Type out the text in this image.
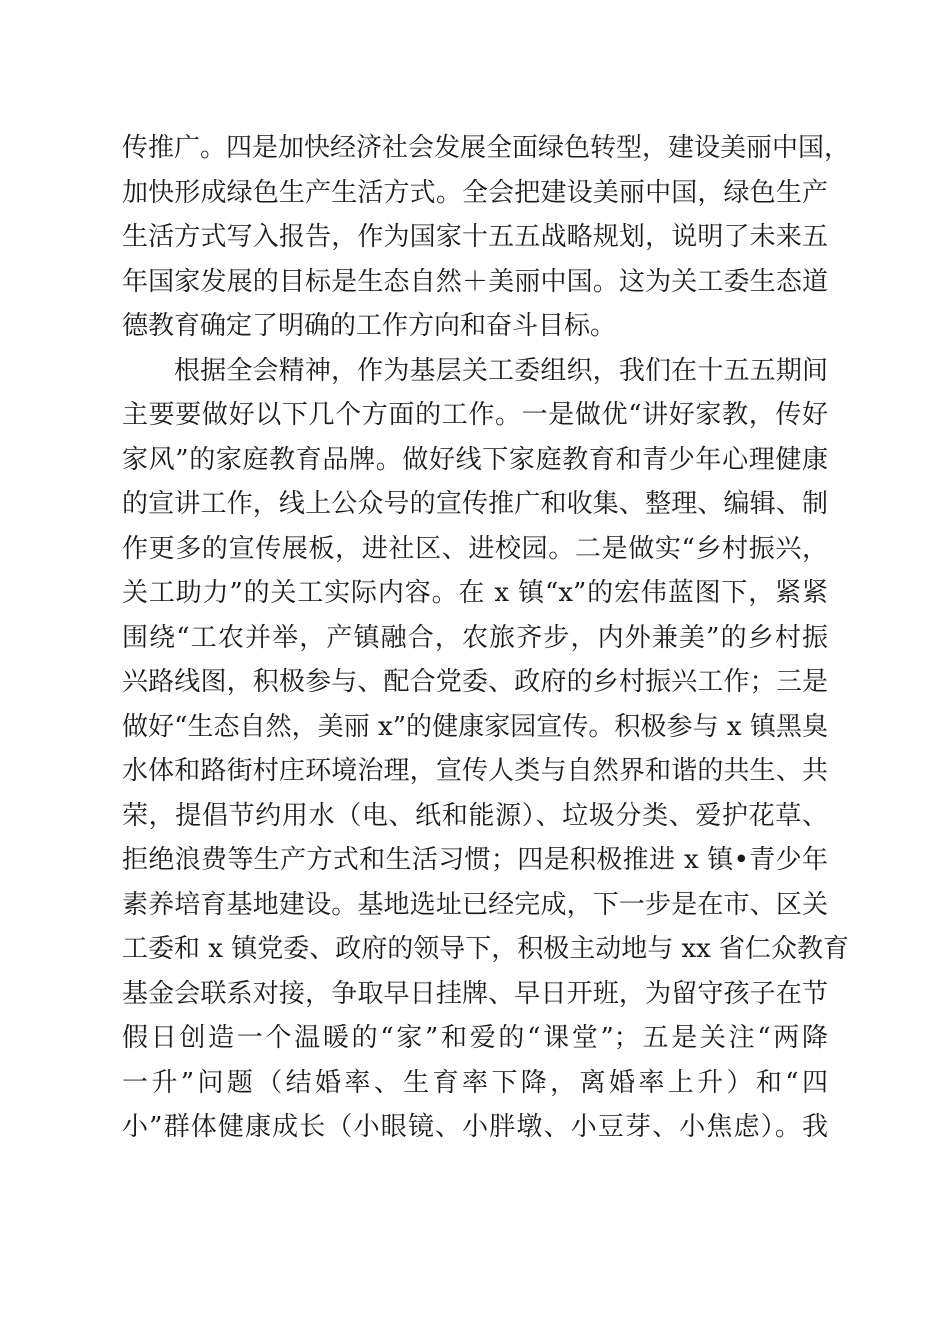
传推广。四是加快经济社会发展全面绿色转型，建设美丽中国，
加快形成绿色生产生活方式。全会把建设美丽中国，绿色生产
生活方式写入报告，作为国家十五五战略规划，说明了未来五
年国家发展的目标是生态自然＋美丽中国。这为关工委生态道
德教育确定了明确的工作方向和奋斗目标。
根据全会精神，作为基层关工委组织，我们在十五五期间
主要要做好以下几个方面的工作。一是做优“讲好家教，传好
家风”的家庭教育品牌。做好线下家庭教育和青少年心理健康
的宣讲工作，线上公众号的宣传推广和收集、整理、编辑、制
作更多的宣传展板，进社区、进校园。二是做实“乡村振兴，
关工助力”的关工实际内容。在 x 镇“x”的宏伟蓝图下，紧紧
围绕“工农并举，产镇融合，农旅齐步，内外兼美”的乡村振
兴路线图，积极参与、配合党委、政府的乡村振兴工作；三是
做好“生态自然，美丽 x”的健康家园宣传。积极参与 x 镇黑臭
水体和路街村庄环境治理，宣传人类与自然界和谐的共生、共
荣，提倡节约用水（电、纸和能源）、垃圾分类、爱护花草、
拒绝浪费等生产方式和生活习惯；四是积极推进 x 镇•青少年
素养培育基地建设。基地选址已经完成，下一步是在市、区关
工委和 x 镇党委、政府的领导下，积极主动地与 xx 省仁众教育
基金会联系对接，争取早日挂牌、早日开班，为留守孩子在节
假日创造一个温暖的“家”和爱的“课堂”；五是关注“两降
一升”问题（结婚率、生育率下降，离婚率上升）和“四
小”群体健康成长（小眼镜、小胖墩、小豆芽、小焦虑）。我
